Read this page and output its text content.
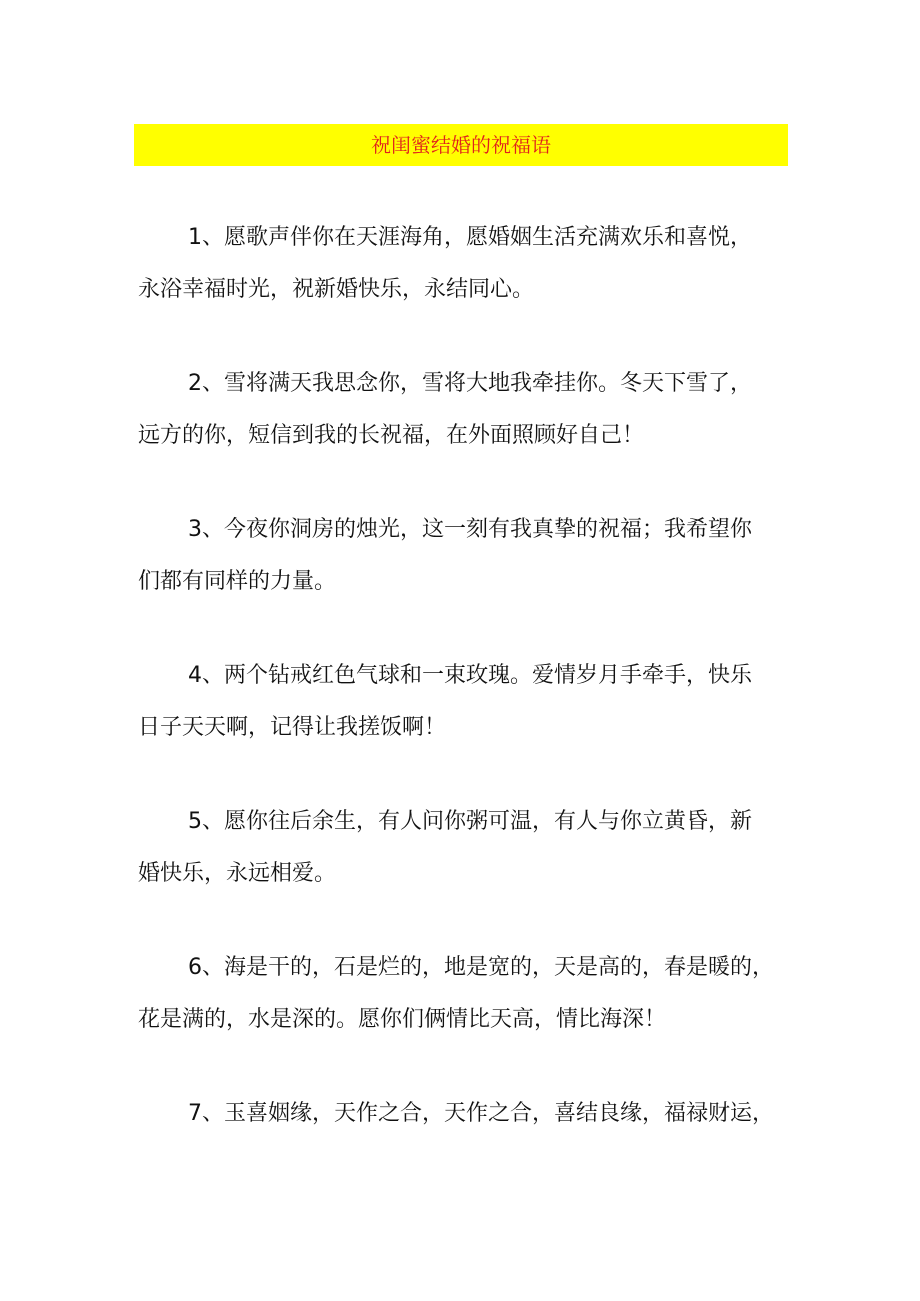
祝闺蜜结婚的祝福语

1、愿歌声伴你在天涯海角，愿婚姻生活充满欢乐和喜悦，
永浴幸福时光，祝新婚快乐，永结同心。

2、雪将满天我思念你，雪将大地我牵挂你。冬天下雪了，
远方的你，短信到我的长祝福，在外面照顾好自己！

3、今夜你洞房的烛光，这一刻有我真挚的祝福；我希望你
们都有同样的力量。

4、两个钻戒红色气球和一束玫瑰。爱情岁月手牵手，快乐
日子天天啊，记得让我搓饭啊！

5、愿你往后余生，有人问你粥可温，有人与你立黄昏，新
婚快乐，永远相爱。

6、海是干的，石是烂的，地是宽的，天是高的，春是暖的，
花是满的，水是深的。愿你们俩情比天高，情比海深！

7、玉喜姻缘，天作之合，天作之合，喜结良缘，福禄财运，
